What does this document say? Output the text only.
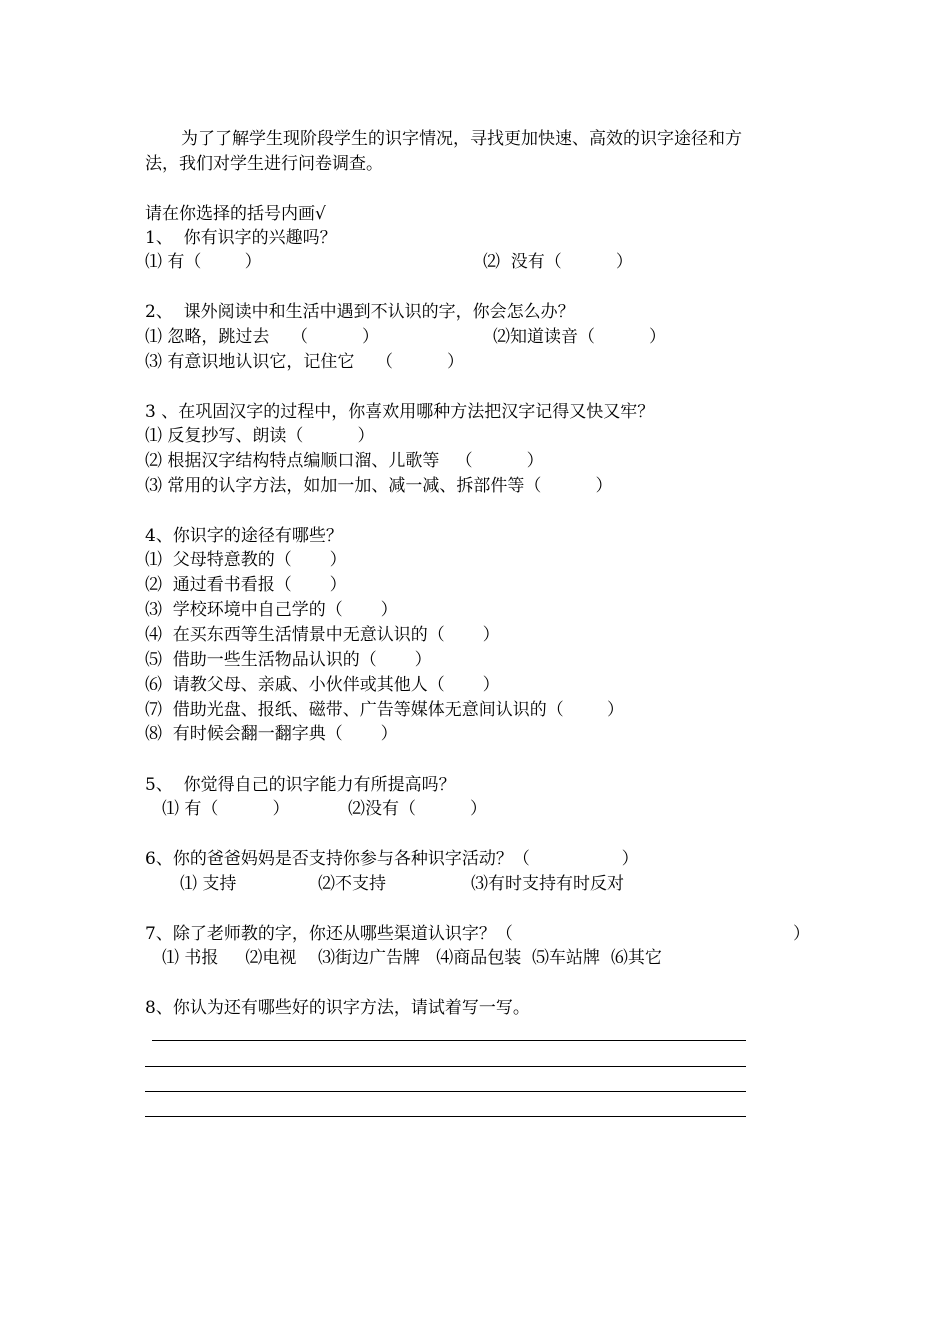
为了了解学生现阶段学生的识字情况，寻找更加快速、高效的识字途径和方
法，我们对学生进行问卷调查。
请在你选择的括号内画√
1、  你有识字的兴趣吗？
⑴ 有（        ）	⑵  没有（          ）
2、  课外阅读中和生活中遇到不认识的字，你会怎么办？
⑴ 忽略，跳过去    （          ）	⑵知道读音（          ）
⑶ 有意识地认识它，记住它    （          ）
3 、在巩固汉字的过程中，你喜欢用哪种方法把汉字记得又快又牢？
⑴ 反复抄写、朗读（          ）
⑵ 根据汉字结构特点编顺口溜、儿歌等   （          ）
⑶ 常用的认字方法，如加一加、减一减、拆部件等（          ）
4、你识字的途径有哪些？
⑴  父母特意教的（       ）
⑵  通过看书看报（       ）
⑶  学校环境中自己学的（       ）
⑷  在买东西等生活情景中无意认识的（       ）
⑸  借助一些生活物品认识的（       ）
⑹  请教父母、亲戚、小伙伴或其他人（       ）
⑺  借助光盘、报纸、磁带、广告等媒体无意间认识的（        ）
⑻  有时候会翻一翻字典（       ）
5、  你觉得自己的识字能力有所提高吗？
⑴ 有（          ）	⑵没有（          ）
6、你的爸爸妈妈是否支持你参与各种识字活动？（                 ）
⑴ 支持	⑵不支持	⑶有时支持有时反对
7、除了老师教的字，你还从哪些渠道认识字？（	）
⑴ 书报     ⑵电视    ⑶街边广告牌   ⑷商品包装  ⑸车站牌  ⑹其它
8、你认为还有哪些好的识字方法，请试着写一写。
